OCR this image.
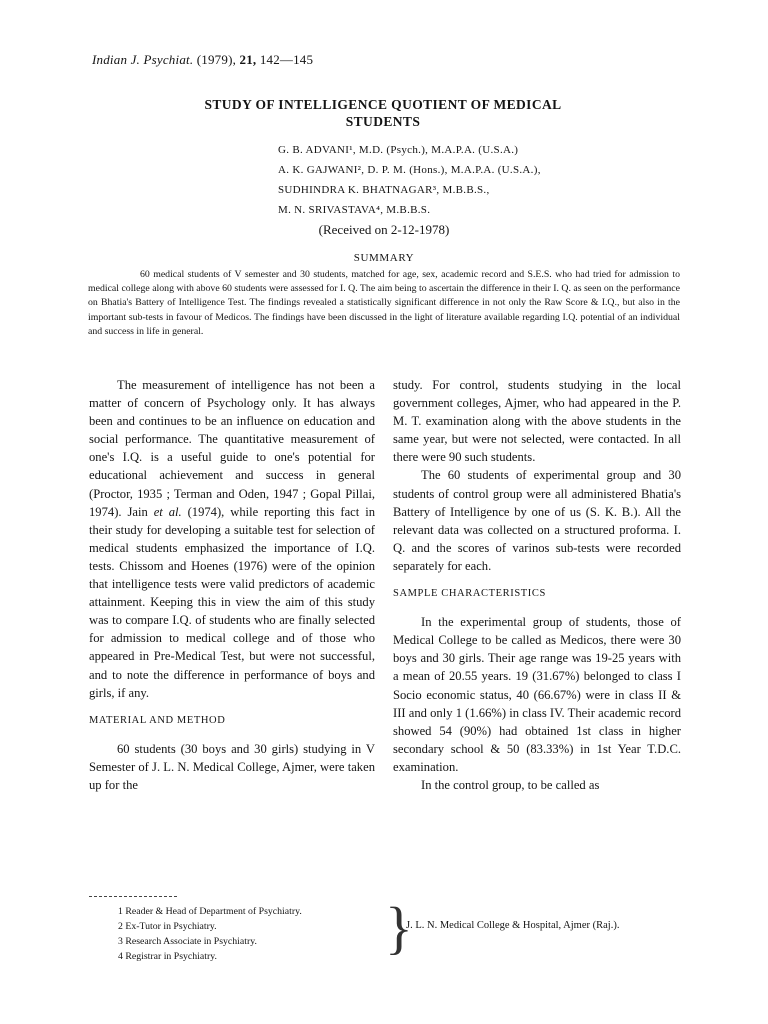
Indian J. Psychiat. (1979), 21, 142—145
STUDY OF INTELLIGENCE QUOTIENT OF MEDICAL
STUDENTS
G. B. ADVANI¹, M.D. (Psych.), M.A.P.A. (U.S.A.)
A. K. GAJWANI², D. P. M. (Hons.), M.A.P.A. (U.S.A.),
SUDHINDRA K. BHATNAGAR³, M.B.B.S.,
M. N. SRIVASTAVA⁴, M.B.B.S.
(Received on 2-12-1978)
SUMMARY

60 medical students of V semester and 30 students, matched for age, sex, academic record and S.E.S. who had tried for admission to medical college along with above 60 students were assessed for I. Q. The aim being to ascertain the difference in their I. Q. as seen on the performance on Bhatia's Battery of Intelligence Test. The findings revealed a statistically significant difference in not only the Raw Score & I.Q., but also in the important sub-tests in favour of Medicos. The findings have been discussed in the light of literature available regarding I.Q. potential of an individual and success in life in general.

The measurement of intelligence has not been a matter of concern of Psychology only. It has always been and continues to be an influence on education and social performance. The quantitative measurement of one's I.Q. is a useful guide to one's potential for educational achievement and success in general (Proctor, 1935 ; Terman and Oden, 1947 ; Gopal Pillai, 1974). Jain et al. (1974), while reporting this fact in their study for developing a suitable test for selection of medical students emphasized the importance of I.Q. tests. Chissom and Hoenes (1976) were of the opinion that intelligence tests were valid predictors of academic attainment. Keeping this in view the aim of this study was to compare I.Q. of students who are finally selected for admission to medical college and of those who appeared in Pre-Medical Test, but were not successful, and to note the difference in performance of boys and girls, if any.

MATERIAL AND METHOD

60 students (30 boys and 30 girls) studying in V Semester of J. L. N. Medical College, Ajmer, were taken up for the

study. For control, students studying in the local government colleges, Ajmer, who had appeared in the P. M. T. examination along with the above students in the same year, but were not selected, were contacted. In all there were 90 such students.

The 60 students of experimental group and 30 students of control group were all administered Bhatia's Battery of Intelligence by one of us (S. K. B.). All the relevant data was collected on a structured proforma. I. Q. and the scores of varinos sub-tests were recorded separately for each.

SAMPLE CHARACTERISTICS

In the experimental group of students, those of Medical College to be called as Medicos, there were 30 boys and 30 girls. Their age range was 19-25 years with a mean of 20.55 years. 19 (31.67%) belonged to class I Socio economic status, 40 (66.67%) were in class II & III and only 1 (1.66%) in class IV. Their academic record showed 54 (90%) had obtained 1st class in higher secondary school & 50 (83.33%) in 1st Year T.D.C. examination.

In the control group, to be called as

1 Reader & Head of Department of Psychiatry.
2 Ex-Tutor in Psychiatry.
3 Research Associate in Psychiatry.
4 Registrar in Psychiatry.	}
J. L. N. Medical College & Hospital, Ajmer (Raj.).
